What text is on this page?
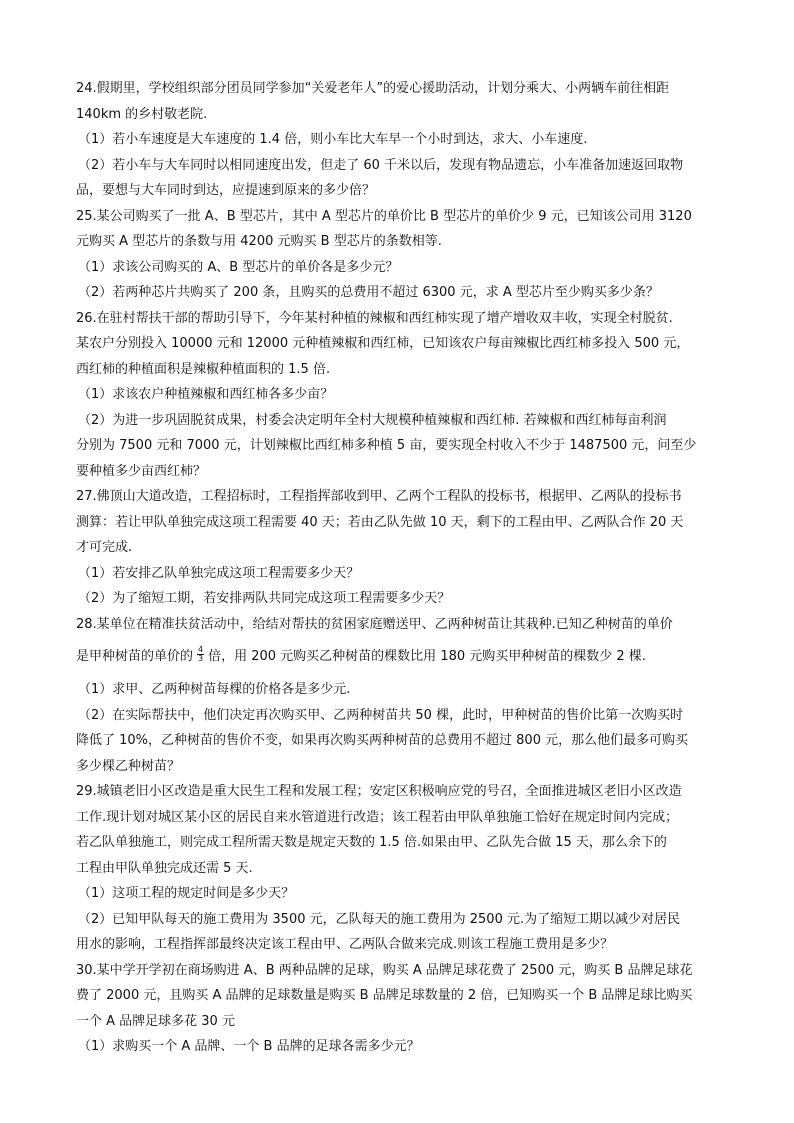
24.假期里，学校组织部分团员同学参加“关爱老年人”的爱心援助活动，计划分乘大、小两辆车前往相距
140km 的乡村敬老院.
（1）若小车速度是大车速度的 1.4 倍，则小车比大车早一个小时到达，求大、小车速度.
（2）若小车与大车同时以相同速度出发，但走了 60 千米以后，发现有物品遗忘，小车准备加速返回取物
品，要想与大车同时到达，应提速到原来的多少倍？
25.某公司购买了一批 A、B 型芯片，其中 A 型芯片的单价比 B 型芯片的单价少 9 元，已知该公司用 3120
元购买 A 型芯片的条数与用 4200 元购买 B 型芯片的条数相等.
（1）求该公司购买的 A、B 型芯片的单价各是多少元？
（2）若两种芯片共购买了 200 条，且购买的总费用不超过 6300 元，求 A 型芯片至少购买多少条？
26.在驻村帮扶干部的帮助引导下，今年某村种植的辣椒和西红柿实现了增产增收双丰收，实现全村脱贫.
某农户分别投入 10000 元和 12000 元种植辣椒和西红柿，已知该农户每亩辣椒比西红柿多投入 500 元，
西红柿的种植面积是辣椒种植面积的 1.5 倍.
（1）求该农户种植辣椒和西红柿各多少亩？
（2）为进一步巩固脱贫成果，村委会决定明年全村大规模种植辣椒和西红柿. 若辣椒和西红柿每亩利润
分别为 7500 元和 7000 元，计划辣椒比西红柿多种植 5 亩，要实现全村收入不少于 1487500 元，问至少
要种植多少亩西红柿？
27.佛顶山大道改造，工程招标时，工程指挥部收到甲、乙两个工程队的投标书，根据甲、乙两队的投标书
测算：若让甲队单独完成这项工程需要 40 天；若由乙队先做 10 天，剩下的工程由甲、乙两队合作 20 天
才可完成.
（1）若安排乙队单独完成这项工程需要多少天？
（2）为了缩短工期，若安排两队共同完成这项工程需要多少天？
28.某单位在精准扶贫活动中，给结对帮扶的贫困家庭赠送甲、乙两种树苗让其栽种.已知乙种树苗的单价
是甲种树苗的单价的 $\frac{4}{3}$ 倍，用 200 元购买乙种树苗的棵数比用 180 元购买甲种树苗的棵数少 2 棵.
（1）求甲、乙两种树苗每棵的价格各是多少元.
（2）在实际帮扶中，他们决定再次购买甲、乙两种树苗共 50 棵，此时，甲种树苗的售价比第一次购买时
降低了 10%，乙种树苗的售价不变，如果再次购买两种树苗的总费用不超过 800 元，那么他们最多可购买
多少棵乙种树苗？
29.城镇老旧小区改造是重大民生工程和发展工程；安定区积极响应党的号召，全面推进城区老旧小区改造
工作.现计划对城区某小区的居民自来水管道进行改造；该工程若由甲队单独施工恰好在规定时间内完成；
若乙队单独施工，则完成工程所需天数是规定天数的 1.5 倍.如果由甲、乙队先合做 15 天，那么余下的
工程由甲队单独完成还需 5 天.
（1）这项工程的规定时间是多少天？
（2）已知甲队每天的施工费用为 3500 元，乙队每天的施工费用为 2500 元.为了缩短工期以减少对居民
用水的影响，工程指挥部最终决定该工程由甲、乙两队合做来完成.则该工程施工费用是多少？
30.某中学开学初在商场购进 A、B 两种品牌的足球，购买 A 品牌足球花费了 2500 元，购买 B 品牌足球花
费了 2000 元，且购买 A 品牌的足球数量是购买 B 品牌足球数量的 2 倍，已知购买一个 B 品牌足球比购买
一个 A 品牌足球多花 30 元
（1）求购买一个 A 品牌、一个 B 品牌的足球各需多少元？
